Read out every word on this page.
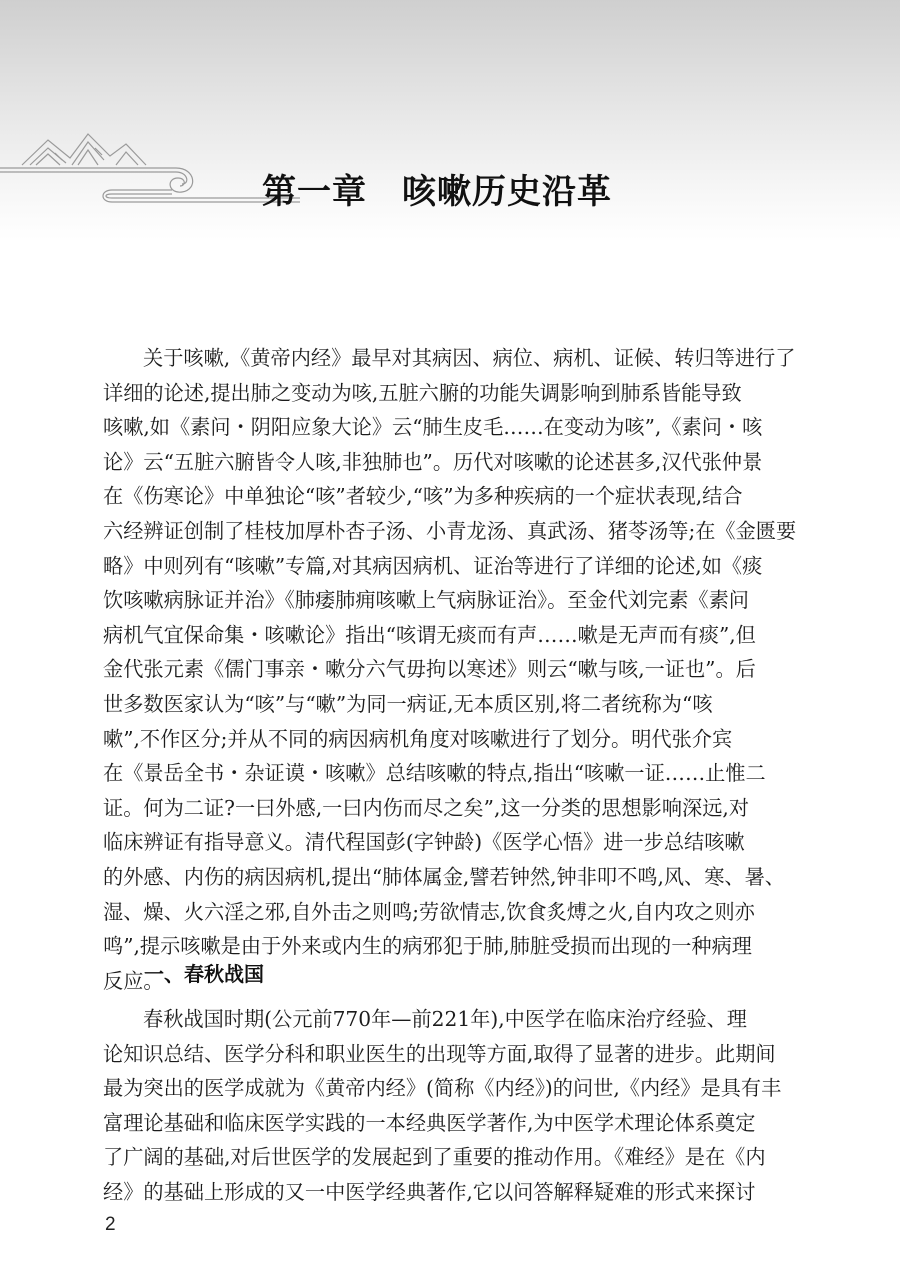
第一章　咳嗽历史沿革
关于咳嗽,《黄帝内经》最早对其病因、病位、病机、证候、转归等进行了
详细的论述,提出肺之变动为咳,五脏六腑的功能失调影响到肺系皆能导致
咳嗽,如《素问・阴阳应象大论》云“肺生皮毛……在变动为咳”,《素问・咳
论》云“五脏六腑皆令人咳,非独肺也”。历代对咳嗽的论述甚多,汉代张仲景
在《伤寒论》中单独论“咳”者较少,“咳”为多种疾病的一个症状表现,结合
六经辨证创制了桂枝加厚朴杏子汤、小青龙汤、真武汤、猪苓汤等;在《金匮要
略》中则列有“咳嗽”专篇,对其病因病机、证治等进行了详细的论述,如《痰
饮咳嗽病脉证并治》《肺痿肺痈咳嗽上气病脉证治》。至金代刘完素《素问
病机气宜保命集・咳嗽论》指出“咳谓无痰而有声……嗽是无声而有痰”,但
金代张元素《儒门事亲・嗽分六气毋拘以寒述》则云“嗽与咳,一证也”。后
世多数医家认为“咳”与“嗽”为同一病证,无本质区别,将二者统称为“咳
嗽”,不作区分;并从不同的病因病机角度对咳嗽进行了划分。明代张介宾
在《景岳全书・杂证谟・咳嗽》总结咳嗽的特点,指出“咳嗽一证……止惟二
证。何为二证?一曰外感,一曰内伤而尽之矣”,这一分类的思想影响深远,对
临床辨证有指导意义。清代程国彭(字钟龄)《医学心悟》进一步总结咳嗽
的外感、内伤的病因病机,提出“肺体属金,譬若钟然,钟非叩不鸣,风、寒、暑、
湿、燥、火六淫之邪,自外击之则鸣;劳欲情志,饮食炙煿之火,自内攻之则亦
鸣”,提示咳嗽是由于外来或内生的病邪犯于肺,肺脏受损而出现的一种病理
反应。
一、春秋战国
春秋战国时期(公元前770年—前221年),中医学在临床治疗经验、理
论知识总结、医学分科和职业医生的出现等方面,取得了显著的进步。此期间
最为突出的医学成就为《黄帝内经》(简称《内经》)的问世,《内经》是具有丰
富理论基础和临床医学实践的一本经典医学著作,为中医学术理论体系奠定
了广阔的基础,对后世医学的发展起到了重要的推动作用。《难经》是在《内
经》的基础上形成的又一中医学经典著作,它以问答解释疑难的形式来探讨
2
